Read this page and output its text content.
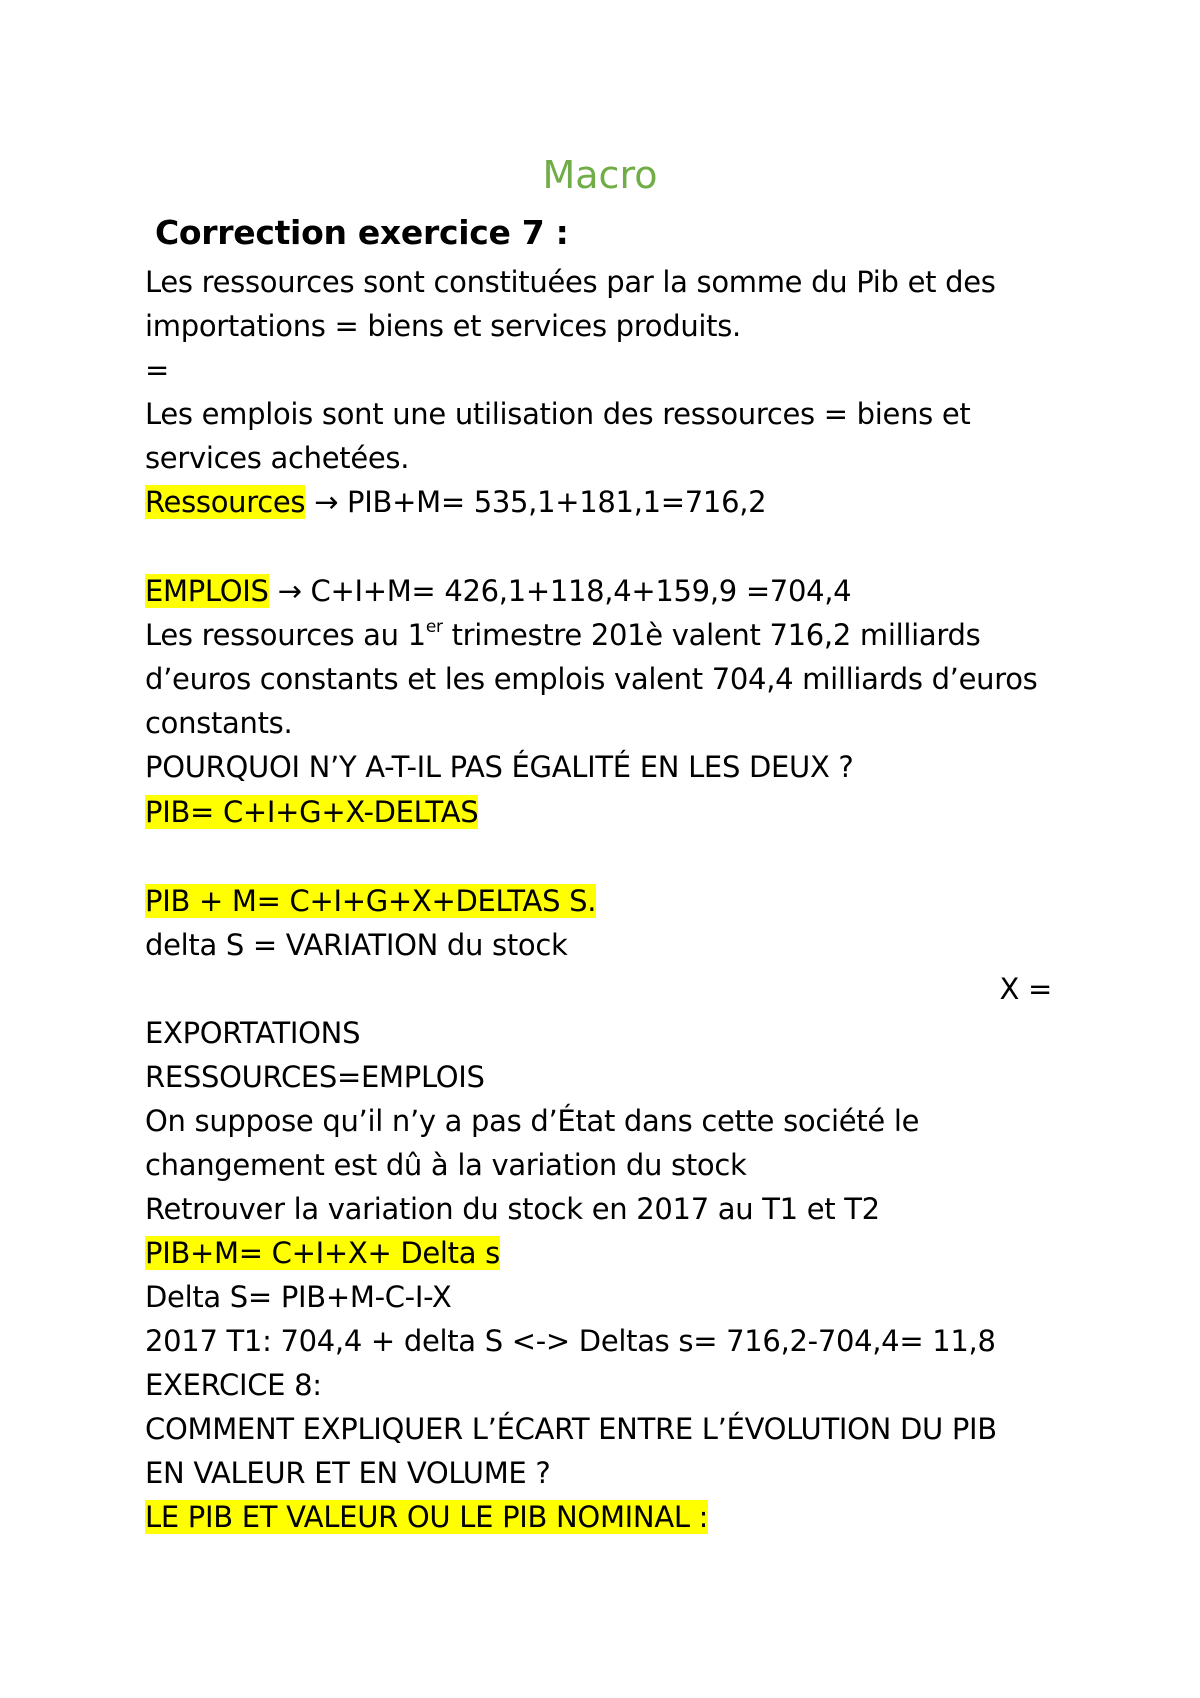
Macro
Correction exercice 7 :
Les ressources sont constituées par la somme du Pib et des
importations = biens et services produits.
=
Les emplois sont une utilisation des ressources = biens et
services achetées.
Ressources → PIB+M= 535,1+181,1=716,2
EMPLOIS → C+I+M= 426,1+118,4+159,9 =704,4
Les ressources au 1er trimestre 201è valent 716,2 milliards
d’euros constants et les emplois valent 704,4 milliards d’euros
constants.
POURQUOI N’Y A-T-IL PAS ÉGALITÉ EN LES DEUX ?
PIB= C+I+G+X-DELTAS
PIB + M= C+I+G+X+DELTAS S.
delta S = VARIATION du stock
X =
EXPORTATIONS
RESSOURCES=EMPLOIS
On suppose qu’il n’y a pas d’État dans cette société le
changement est dû à la variation du stock
Retrouver la variation du stock en 2017 au T1 et T2
PIB+M= C+I+X+ Delta s
Delta S= PIB+M-C-I-X
2017 T1: 704,4 + delta S <-> Deltas s= 716,2-704,4= 11,8
EXERCICE 8:
COMMENT EXPLIQUER L’ÉCART ENTRE L’ÉVOLUTION DU PIB
EN VALEUR ET EN VOLUME ?
LE PIB ET VALEUR OU LE PIB NOMINAL :
